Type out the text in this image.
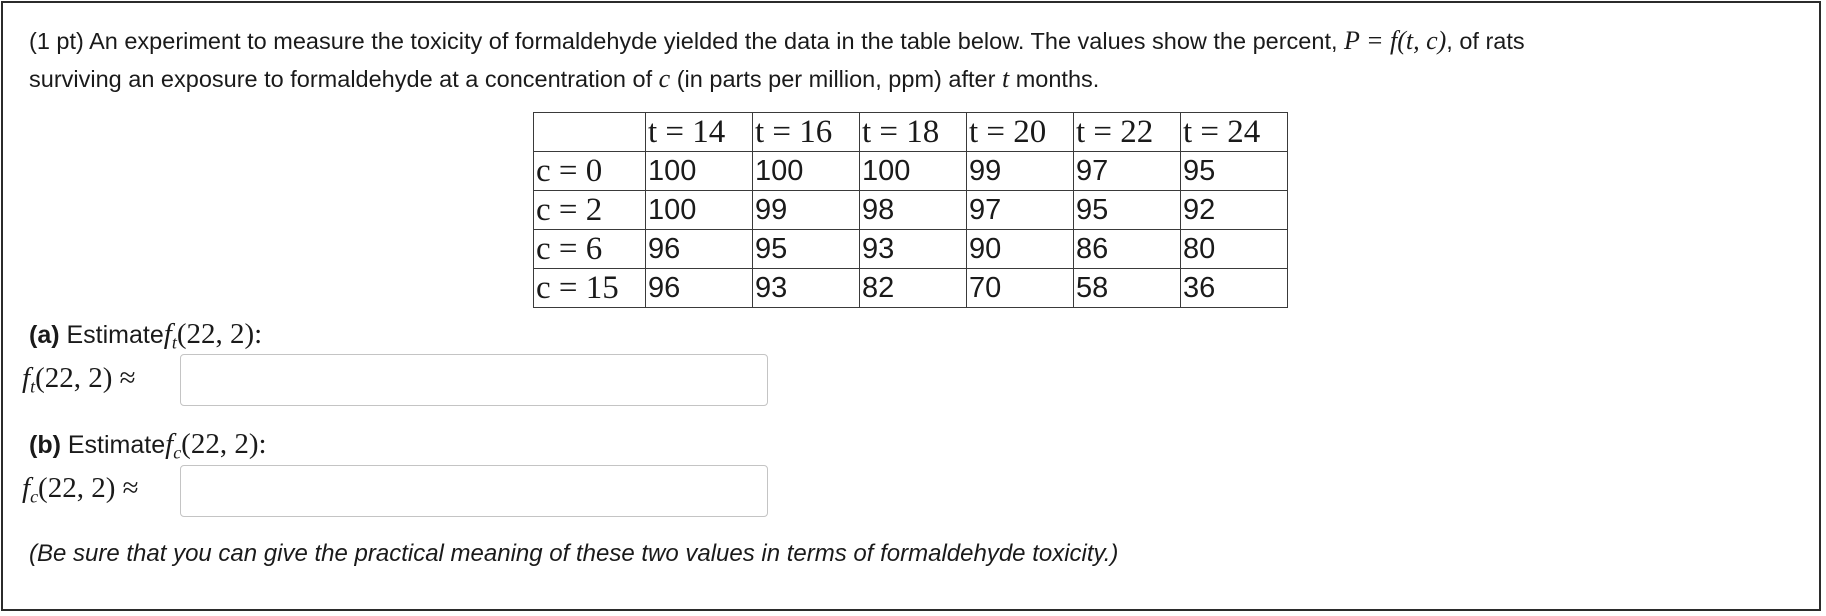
(1 pt) An experiment to measure the toxicity of formaldehyde yielded the data in the table below. The values show the percent, P = f(t, c), of rats
surviving an exposure to formaldehyde at a concentration of c (in parts per million, ppm) after t months.
	t = 14	t = 16	t = 18	t = 20	t = 22	t = 24
c = 0	100	100	100	99	97	95
c = 2	100	99	98	97	95	92
c = 6	96	95	93	90	86	80
c = 15	96	93	82	70	58	36
(a) Estimatef$_t$(22, 2):
$f_t(22$, 2) ≈
(b) Estimatef$_c$(22, 2):
$f_c(22$, 2) ≈
(Be sure that you can give the practical meaning of these two values in terms of formaldehyde toxicity.)
